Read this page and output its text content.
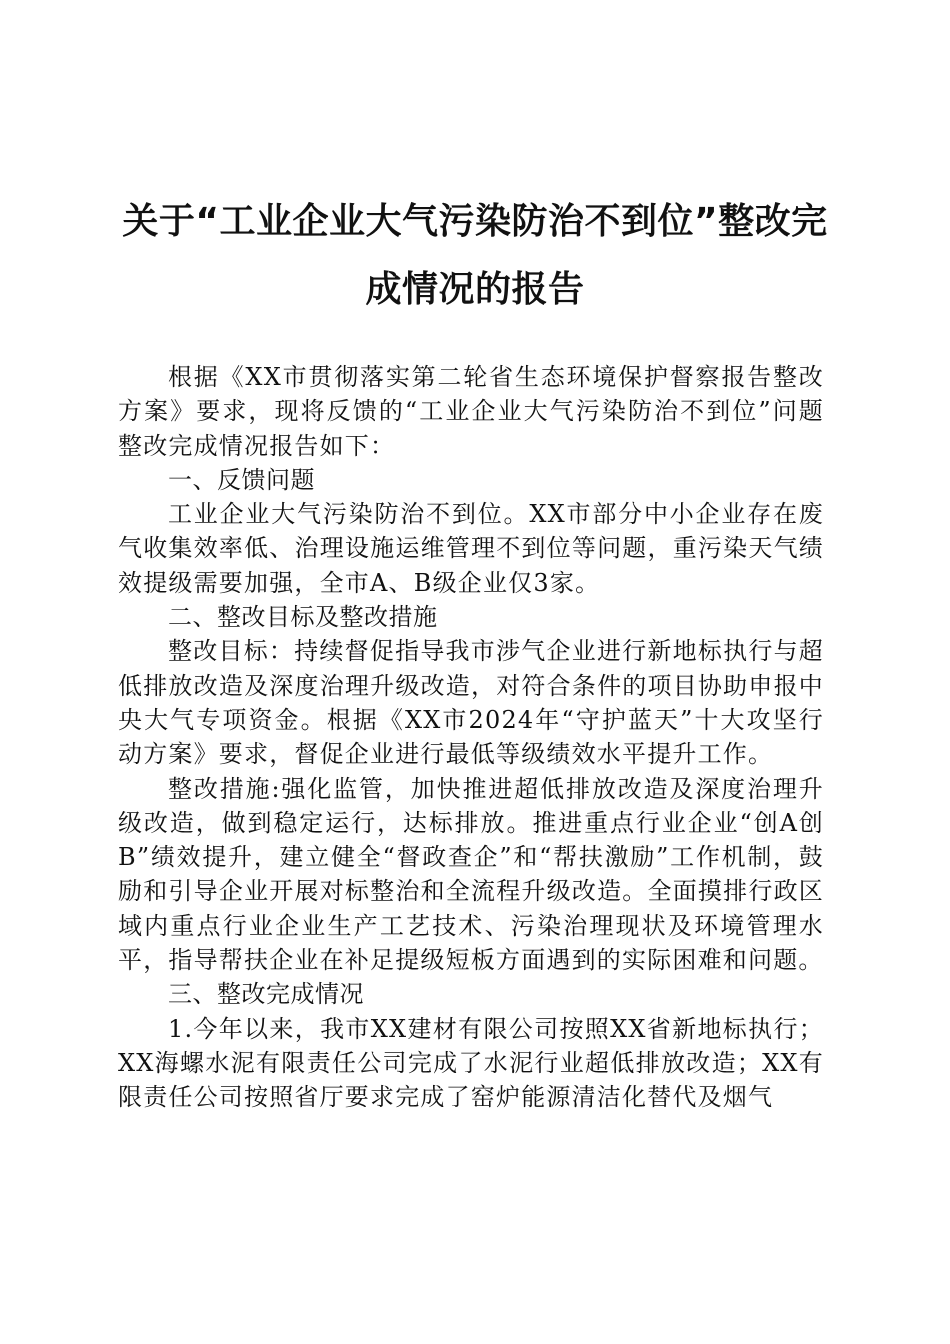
关于“工业企业大气污染防治不到位”整改完
成情况的报告

根据《XX市贯彻落实第二轮省生态环境保护督察报告整改方案》要求，现将反馈的“工业企业大气污染防治不到位”问题整改完成情况报告如下：

一、反馈问题

工业企业大气污染防治不到位。XX市部分中小企业存在废气收集效率低、治理设施运维管理不到位等问题，重污染天气绩效提级需要加强，全市A、B级企业仅3家。

二、整改目标及整改措施

整改目标：持续督促指导我市涉气企业进行新地标执行与超低排放改造及深度治理升级改造，对符合条件的项目协助申报中央大气专项资金。根据《XX市2024年“守护蓝天”十大攻坚行动方案》要求，督促企业进行最低等级绩效水平提升工作。

整改措施:强化监管，加快推进超低排放改造及深度治理升级改造，做到稳定运行，达标排放。推进重点行业企业“创A创B”绩效提升，建立健全“督政查企”和“帮扶激励”工作机制，鼓励和引导企业开展对标整治和全流程升级改造。全面摸排行政区域内重点行业企业生产工艺技术、污染治理现状及环境管理水平，指导帮扶企业在补足提级短板方面遇到的实际困难和问题。

三、整改完成情况

1.今年以来，我市XX建材有限公司按照XX省新地标执行；XX海螺水泥有限责任公司完成了水泥行业超低排放改造；XX有限责任公司按照省厅要求完成了窑炉能源清洁化替代及烟气
